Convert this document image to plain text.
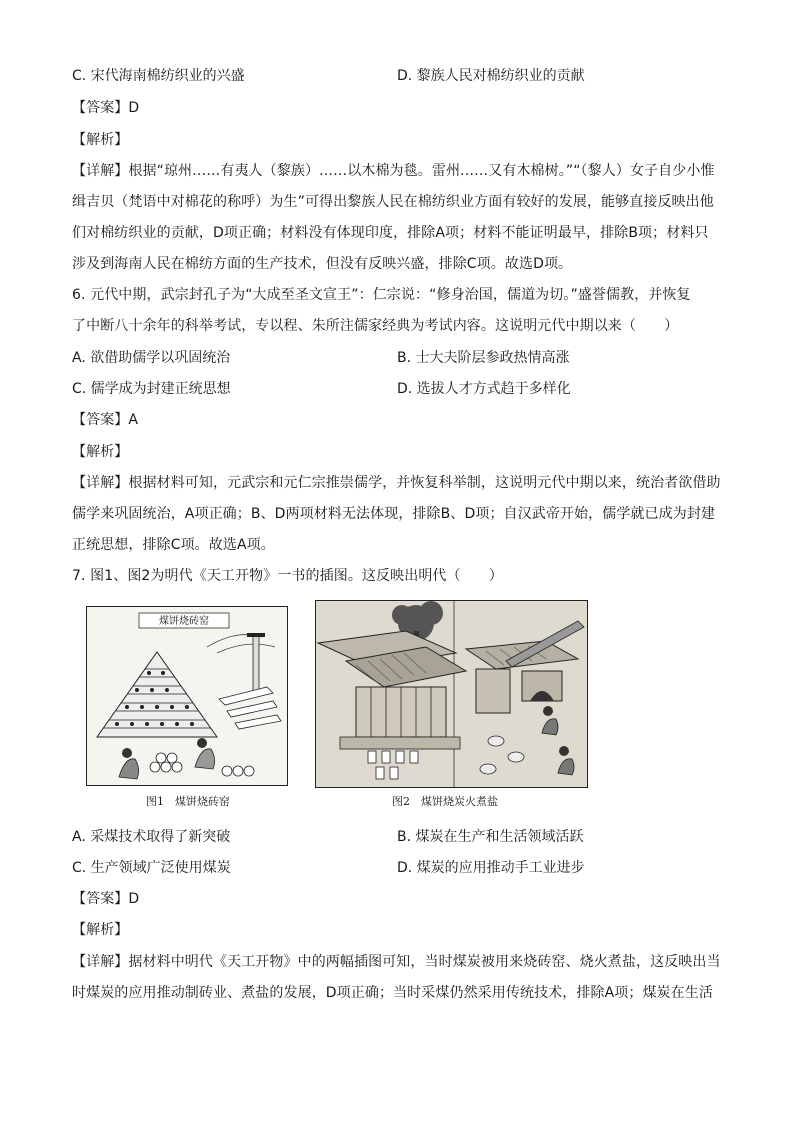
C. 宋代海南棉纺织业的兴盛	D. 黎族人民对棉纺织业的贡献
【答案】D
【解析】
【详解】根据“琼州……有夷人（黎族）……以木棉为毯。雷州……又有木棉树。”“（黎人）女子自少小惟
缉吉贝（梵语中对棉花的称呼）为生”可得出黎族人民在棉纺织业方面有较好的发展，能够直接反映出他
们对棉纺织业的贡献，D项正确；材料没有体现印度，排除A项；材料不能证明最早，排除B项；材料只
涉及到海南人民在棉纺方面的生产技术，但没有反映兴盛，排除C项。故选D项。
6. 元代中期，武宗封孔子为“大成至圣文宣王”：仁宗说：“修身治国，儒道为切。”盛誉儒教，并恢复
了中断八十余年的科举考试，专以程、朱所注儒家经典为考试内容。这说明元代中期以来（　　）
A. 欲借助儒学以巩固统治	B. 士大夫阶层参政热情高涨
C. 儒学成为封建正统思想	D. 选拔人才方式趋于多样化
【答案】A
【解析】
【详解】根据材料可知，元武宗和元仁宗推崇儒学，并恢复科举制，这说明元代中期以来，统治者欲借助
儒学来巩固统治，A项正确；B、D两项材料无法体现，排除B、D项；自汉武帝开始，儒学就已成为封建
正统思想，排除C项。故选A项。
7. 图1、图2为明代《天工开物》一书的插图。这反映出明代（　　）
煤饼烧砖窑
图1　煤饼烧砖窑	图2　煤饼烧炭火煮盐
A. 采煤技术取得了新突破	B. 煤炭在生产和生活领域活跃
C. 生产领域广泛使用煤炭	D. 煤炭的应用推动手工业进步
【答案】D
【解析】
【详解】据材料中明代《天工开物》中的两幅插图可知，当时煤炭被用来烧砖窑、烧火煮盐，这反映出当
时煤炭的应用推动制砖业、煮盐的发展，D项正确；当时采煤仍然采用传统技术，排除A项；煤炭在生活
